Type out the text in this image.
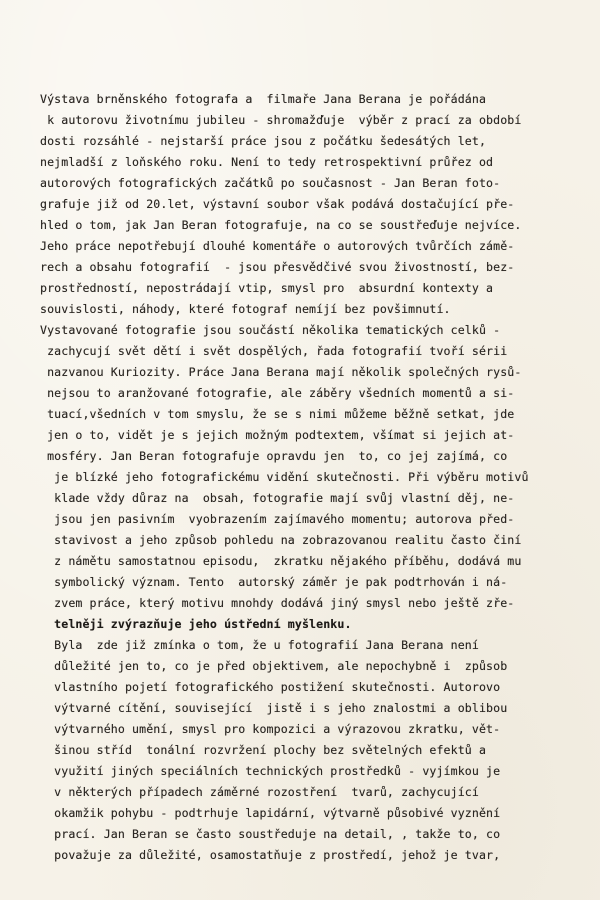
Výstava brněnského fotografa a  filmaře Jana Berana je pořádána
k autorovu životnímu jubileu - shromažďuje  výběr z prací za období
dosti rozsáhlé - nejstarší práce jsou z počátku šedesátých let,
nejmladší z loňského roku. Není to tedy retrospektivní průřez od
autorových fotografických začátků po současnost - Jan Beran foto-
grafuje již od 20.let, výstavní soubor však podává dostačující pře-
hled o tom, jak Jan Beran fotografuje, na co se soustřeďuje nejvíce.
Jeho práce nepotřebují dlouhé komentáře o autorových tvůrčích zámě-
rech a obsahu fotografií  - jsou přesvědčivé svou živostností, bez-
prostředností, nepostrádají vtip, smysl pro  absurdní kontexty a
souvislosti, náhody, které fotograf nemíjí bez povšimnutí.
Vystavované fotografie jsou součástí několika tematických celků -
zachycují svět dětí i svět dospělých, řada fotografií tvoří sérii
nazvanou Kuriozity. Práce Jana Berana mají několik společných rysů-
nejsou to aranžované fotografie, ale záběry všedních momentů a si-
tuací,všedních v tom smyslu, že se s nimi můžeme běžně setkat, jde
jen o to, vidět je s jejich možným podtextem, všímat si jejich at-
mosféry. Jan Beran fotografuje opravdu jen  to, co jej zajímá, co
je blízké jeho fotografickému vidění skutečnosti. Při výběru motivů
klade vždy důraz na  obsah, fotografie mají svůj vlastní děj, ne-
jsou jen pasivním  vyobrazením zajímavého momentu; autorova před-
stavivost a jeho způsob pohledu na zobrazovanou realitu často činí
z námětu samostatnou episodu,  zkratku nějakého příběhu, dodává mu
symbolický význam. Tento  autorský záměr je pak podtrhován i ná-
zvem práce, který motivu mnohdy dodává jiný smysl nebo ještě zře-
telněji zvýrazňuje jeho ústřední myšlenku.
Byla  zde již zmínka o tom, že u fotografií Jana Berana není
důležité jen to, co je před objektivem, ale nepochybně i  způsob
vlastního pojetí fotografického postižení skutečnosti. Autorovo
výtvarné cítění, související  jistě i s jeho znalostmi a oblibou
výtvarného umění, smysl pro kompozici a výrazovou zkratku, vět-
šinou stříd  tonální rozvržení plochy bez světelných efektů a
využití jiných speciálních technických prostředků - vyjímkou je
v některých případech záměrné rozostření  tvarů, zachycující
okamžik pohybu - podtrhuje lapidární, výtvarně působivé vyznění
prací. Jan Beran se často soustředuje na detail, , takže to, co
považuje za důležité, osamostatňuje z prostředí, jehož je tvar,
